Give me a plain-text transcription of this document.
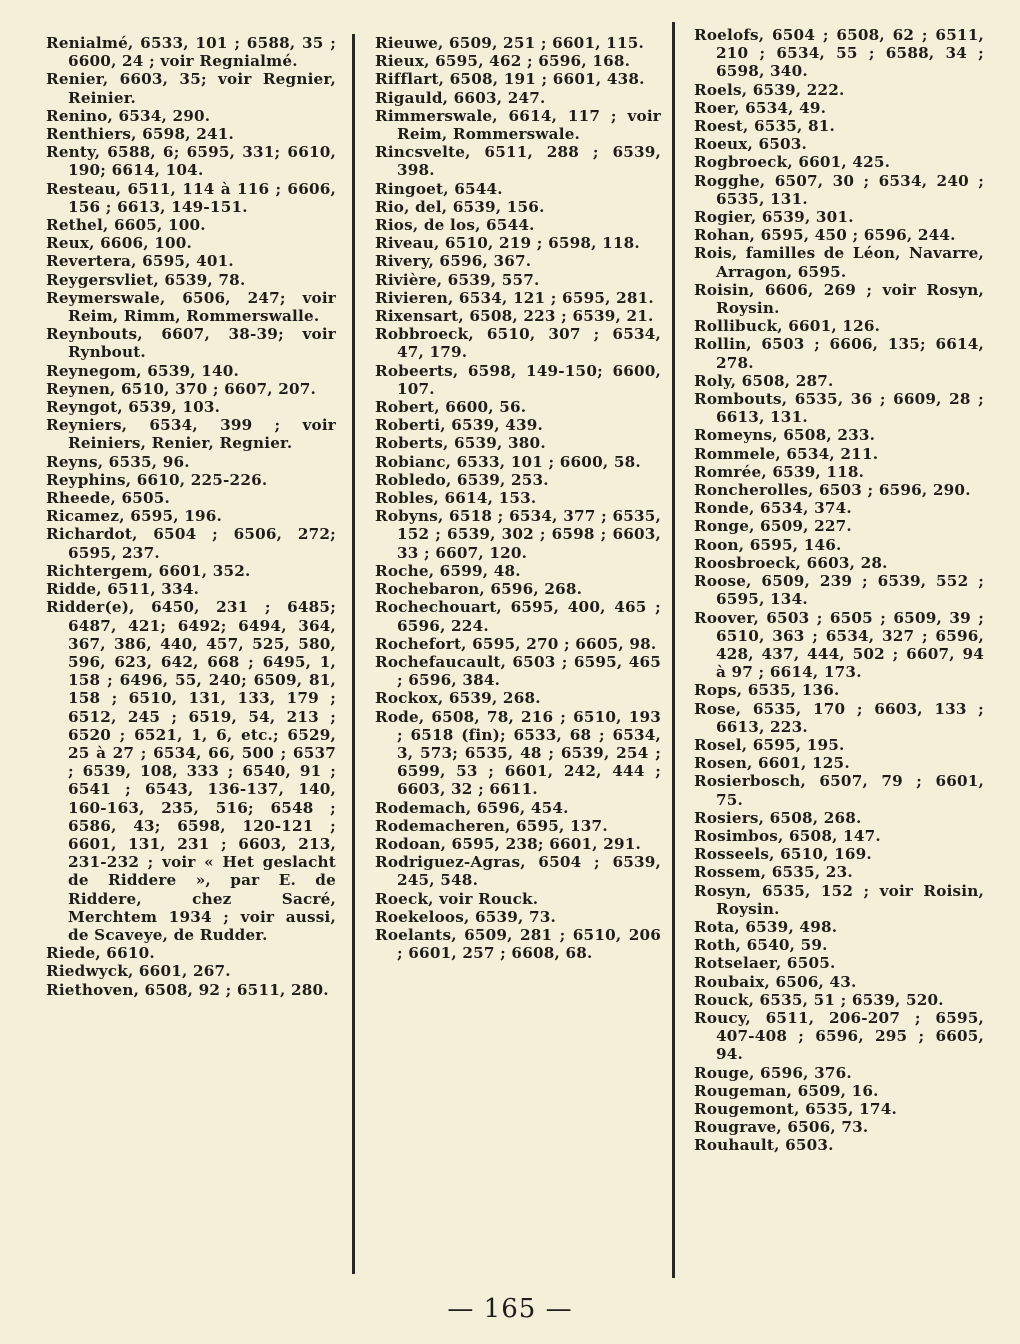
Renialmé, 6533, 101 ; 6588, 35 ; 6600, 24 ; voir Regnialmé.

Renier, 6603, 35; voir Regnier, Reinier.

Renino, 6534, 290.

Renthiers, 6598, 241.

Renty, 6588, 6; 6595, 331; 6610, 190; 6614, 104.

Resteau, 6511, 114 à 116 ; 6606, 156 ; 6613, 149-151.

Rethel, 6605, 100.

Reux, 6606, 100.

Revertera, 6595, 401.

Reygersvliet, 6539, 78.

Reymerswale, 6506, 247; voir Reim, Rimm, Rommerswalle.

Reynbouts, 6607, 38-39; voir Rynbout.

Reynegom, 6539, 140.

Reynen, 6510, 370 ; 6607, 207.

Reyngot, 6539, 103.

Reyniers, 6534, 399 ; voir Reiniers, Renier, Regnier.

Reyns, 6535, 96.

Reyphins, 6610, 225-226.

Rheede, 6505.

Ricamez, 6595, 196.

Richardot, 6504 ; 6506, 272; 6595, 237.

Richtergem, 6601, 352.

Ridde, 6511, 334.

Ridder(e), 6450, 231 ; 6485; 6487, 421; 6492; 6494, 364, 367, 386, 440, 457, 525, 580, 596, 623, 642, 668 ; 6495, 1, 158 ; 6496, 55, 240; 6509, 81, 158 ; 6510, 131, 133, 179 ; 6512, 245 ; 6519, 54, 213 ; 6520 ; 6521, 1, 6, etc.; 6529, 25 à 27 ; 6534, 66, 500 ; 6537 ; 6539, 108, 333 ; 6540, 91 ; 6541 ; 6543, 136-137, 140, 160-163, 235, 516; 6548 ; 6586, 43; 6598, 120-121 ; 6601, 131, 231 ; 6603, 213, 231-232 ; voir « Het geslacht de Riddere », par E. de Riddere, chez Sacré, Merchtem 1934 ; voir aussi, de Scaveye, de Rudder.

Riede, 6610.

Riedwyck, 6601, 267.

Riethoven, 6508, 92 ; 6511, 280.

Rieuwe, 6509, 251 ; 6601, 115.

Rieux, 6595, 462 ; 6596, 168.

Rifflart, 6508, 191 ; 6601, 438.

Rigauld, 6603, 247.

Rimmerswale, 6614, 117 ; voir Reim, Rommerswale.

Rincsvelte, 6511, 288 ; 6539, 398.

Ringoet, 6544.

Rio, del, 6539, 156.

Rios, de los, 6544.

Riveau, 6510, 219 ; 6598, 118.

Rivery, 6596, 367.

Rivière, 6539, 557.

Rivieren, 6534, 121 ; 6595, 281.

Rixensart, 6508, 223 ; 6539, 21.

Robbroeck, 6510, 307 ; 6534, 47, 179.

Robeerts, 6598, 149-150; 6600, 107.

Robert, 6600, 56.

Roberti, 6539, 439.

Roberts, 6539, 380.

Robianc, 6533, 101 ; 6600, 58.

Robledo, 6539, 253.

Robles, 6614, 153.

Robyns, 6518 ; 6534, 377 ; 6535, 152 ; 6539, 302 ; 6598 ; 6603, 33 ; 6607, 120.

Roche, 6599, 48.

Rochebaron, 6596, 268.

Rochechouart, 6595, 400, 465 ; 6596, 224.

Rochefort, 6595, 270 ; 6605, 98.

Rochefaucault, 6503 ; 6595, 465 ; 6596, 384.

Rockox, 6539, 268.

Rode, 6508, 78, 216 ; 6510, 193 ; 6518 (fin); 6533, 68 ; 6534, 3, 573; 6535, 48 ; 6539, 254 ; 6599, 53 ; 6601, 242, 444 ; 6603, 32 ; 6611.

Rodemach, 6596, 454.

Rodemacheren, 6595, 137.

Rodoan, 6595, 238; 6601, 291.

Rodriguez-Agras, 6504 ; 6539, 245, 548.

Roeck, voir Rouck.

Roekeloos, 6539, 73.

Roelants, 6509, 281 ; 6510, 206 ; 6601, 257 ; 6608, 68.

Roelofs, 6504 ; 6508, 62 ; 6511, 210 ; 6534, 55 ; 6588, 34 ; 6598, 340.

Roels, 6539, 222.

Roer, 6534, 49.

Roest, 6535, 81.

Roeux, 6503.

Rogbroeck, 6601, 425.

Rogghe, 6507, 30 ; 6534, 240 ; 6535, 131.

Rogier, 6539, 301.

Rohan, 6595, 450 ; 6596, 244.

Rois, familles de Léon, Navarre, Arragon, 6595.

Roisin, 6606, 269 ; voir Rosyn, Roysin.

Rollibuck, 6601, 126.

Rollin, 6503 ; 6606, 135; 6614, 278.

Roly, 6508, 287.

Rombouts, 6535, 36 ; 6609, 28 ; 6613, 131.

Romeyns, 6508, 233.

Rommele, 6534, 211.

Romrée, 6539, 118.

Roncherolles, 6503 ; 6596, 290.

Ronde, 6534, 374.

Ronge, 6509, 227.

Roon, 6595, 146.

Roosbroeck, 6603, 28.

Roose, 6509, 239 ; 6539, 552 ; 6595, 134.

Roover, 6503 ; 6505 ; 6509, 39 ; 6510, 363 ; 6534, 327 ; 6596, 428, 437, 444, 502 ; 6607, 94 à 97 ; 6614, 173.

Rops, 6535, 136.

Rose, 6535, 170 ; 6603, 133 ; 6613, 223.

Rosel, 6595, 195.

Rosen, 6601, 125.

Rosierbosch, 6507, 79 ; 6601, 75.

Rosiers, 6508, 268.

Rosimbos, 6508, 147.

Rosseels, 6510, 169.

Rossem, 6535, 23.

Rosyn, 6535, 152 ; voir Roisin, Roysin.

Rota, 6539, 498.

Roth, 6540, 59.

Rotselaer, 6505.

Roubaix, 6506, 43.

Rouck, 6535, 51 ; 6539, 520.

Roucy, 6511, 206-207 ; 6595, 407-408 ; 6596, 295 ; 6605, 94.

Rouge, 6596, 376.

Rougeman, 6509, 16.

Rougemont, 6535, 174.

Rougrave, 6506, 73.

Rouhault, 6503.

— 165 —
